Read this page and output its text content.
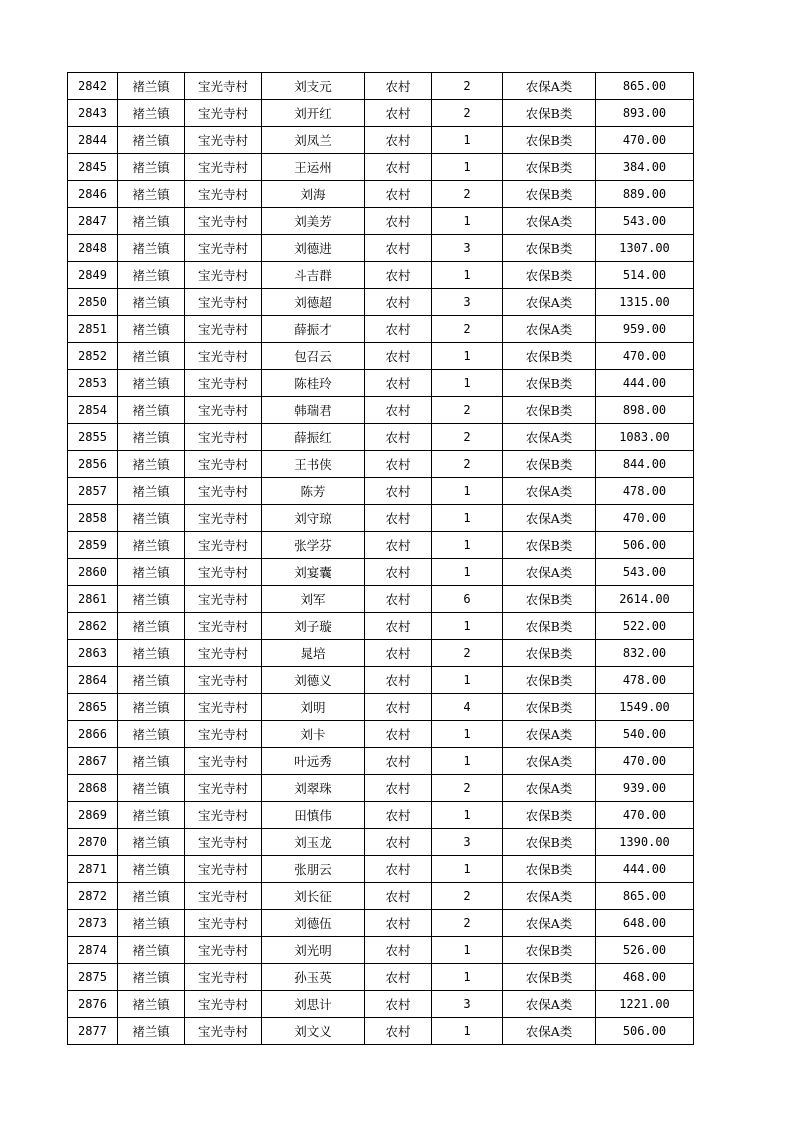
2842	褚兰镇	宝光寺村	刘支元	农村	2	农保A类	865.00
2843	褚兰镇	宝光寺村	刘开红	农村	2	农保B类	893.00
2844	褚兰镇	宝光寺村	刘凤兰	农村	1	农保B类	470.00
2845	褚兰镇	宝光寺村	王运州	农村	1	农保B类	384.00
2846	褚兰镇	宝光寺村	刘海	农村	2	农保B类	889.00
2847	褚兰镇	宝光寺村	刘美芳	农村	1	农保A类	543.00
2848	褚兰镇	宝光寺村	刘德进	农村	3	农保B类	1307.00
2849	褚兰镇	宝光寺村	斗吉群	农村	1	农保B类	514.00
2850	褚兰镇	宝光寺村	刘德超	农村	3	农保A类	1315.00
2851	褚兰镇	宝光寺村	薛振才	农村	2	农保A类	959.00
2852	褚兰镇	宝光寺村	包召云	农村	1	农保B类	470.00
2853	褚兰镇	宝光寺村	陈桂玲	农村	1	农保B类	444.00
2854	褚兰镇	宝光寺村	韩瑞君	农村	2	农保B类	898.00
2855	褚兰镇	宝光寺村	薛振红	农村	2	农保A类	1083.00
2856	褚兰镇	宝光寺村	王书侠	农村	2	农保B类	844.00
2857	褚兰镇	宝光寺村	陈芳	农村	1	农保A类	478.00
2858	褚兰镇	宝光寺村	刘守琼	农村	1	农保A类	470.00
2859	褚兰镇	宝光寺村	张学芬	农村	1	农保B类	506.00
2860	褚兰镇	宝光寺村	刘宴囊	农村	1	农保A类	543.00
2861	褚兰镇	宝光寺村	刘军	农村	6	农保B类	2614.00
2862	褚兰镇	宝光寺村	刘子璇	农村	1	农保B类	522.00
2863	褚兰镇	宝光寺村	晁培	农村	2	农保B类	832.00
2864	褚兰镇	宝光寺村	刘德义	农村	1	农保B类	478.00
2865	褚兰镇	宝光寺村	刘明	农村	4	农保B类	1549.00
2866	褚兰镇	宝光寺村	刘卡	农村	1	农保A类	540.00
2867	褚兰镇	宝光寺村	叶远秀	农村	1	农保A类	470.00
2868	褚兰镇	宝光寺村	刘翠珠	农村	2	农保A类	939.00
2869	褚兰镇	宝光寺村	田慎伟	农村	1	农保B类	470.00
2870	褚兰镇	宝光寺村	刘玉龙	农村	3	农保B类	1390.00
2871	褚兰镇	宝光寺村	张朋云	农村	1	农保B类	444.00
2872	褚兰镇	宝光寺村	刘长征	农村	2	农保A类	865.00
2873	褚兰镇	宝光寺村	刘德伍	农村	2	农保A类	648.00
2874	褚兰镇	宝光寺村	刘光明	农村	1	农保B类	526.00
2875	褚兰镇	宝光寺村	孙玉英	农村	1	农保B类	468.00
2876	褚兰镇	宝光寺村	刘思计	农村	3	农保A类	1221.00
2877	褚兰镇	宝光寺村	刘文义	农村	1	农保A类	506.00
